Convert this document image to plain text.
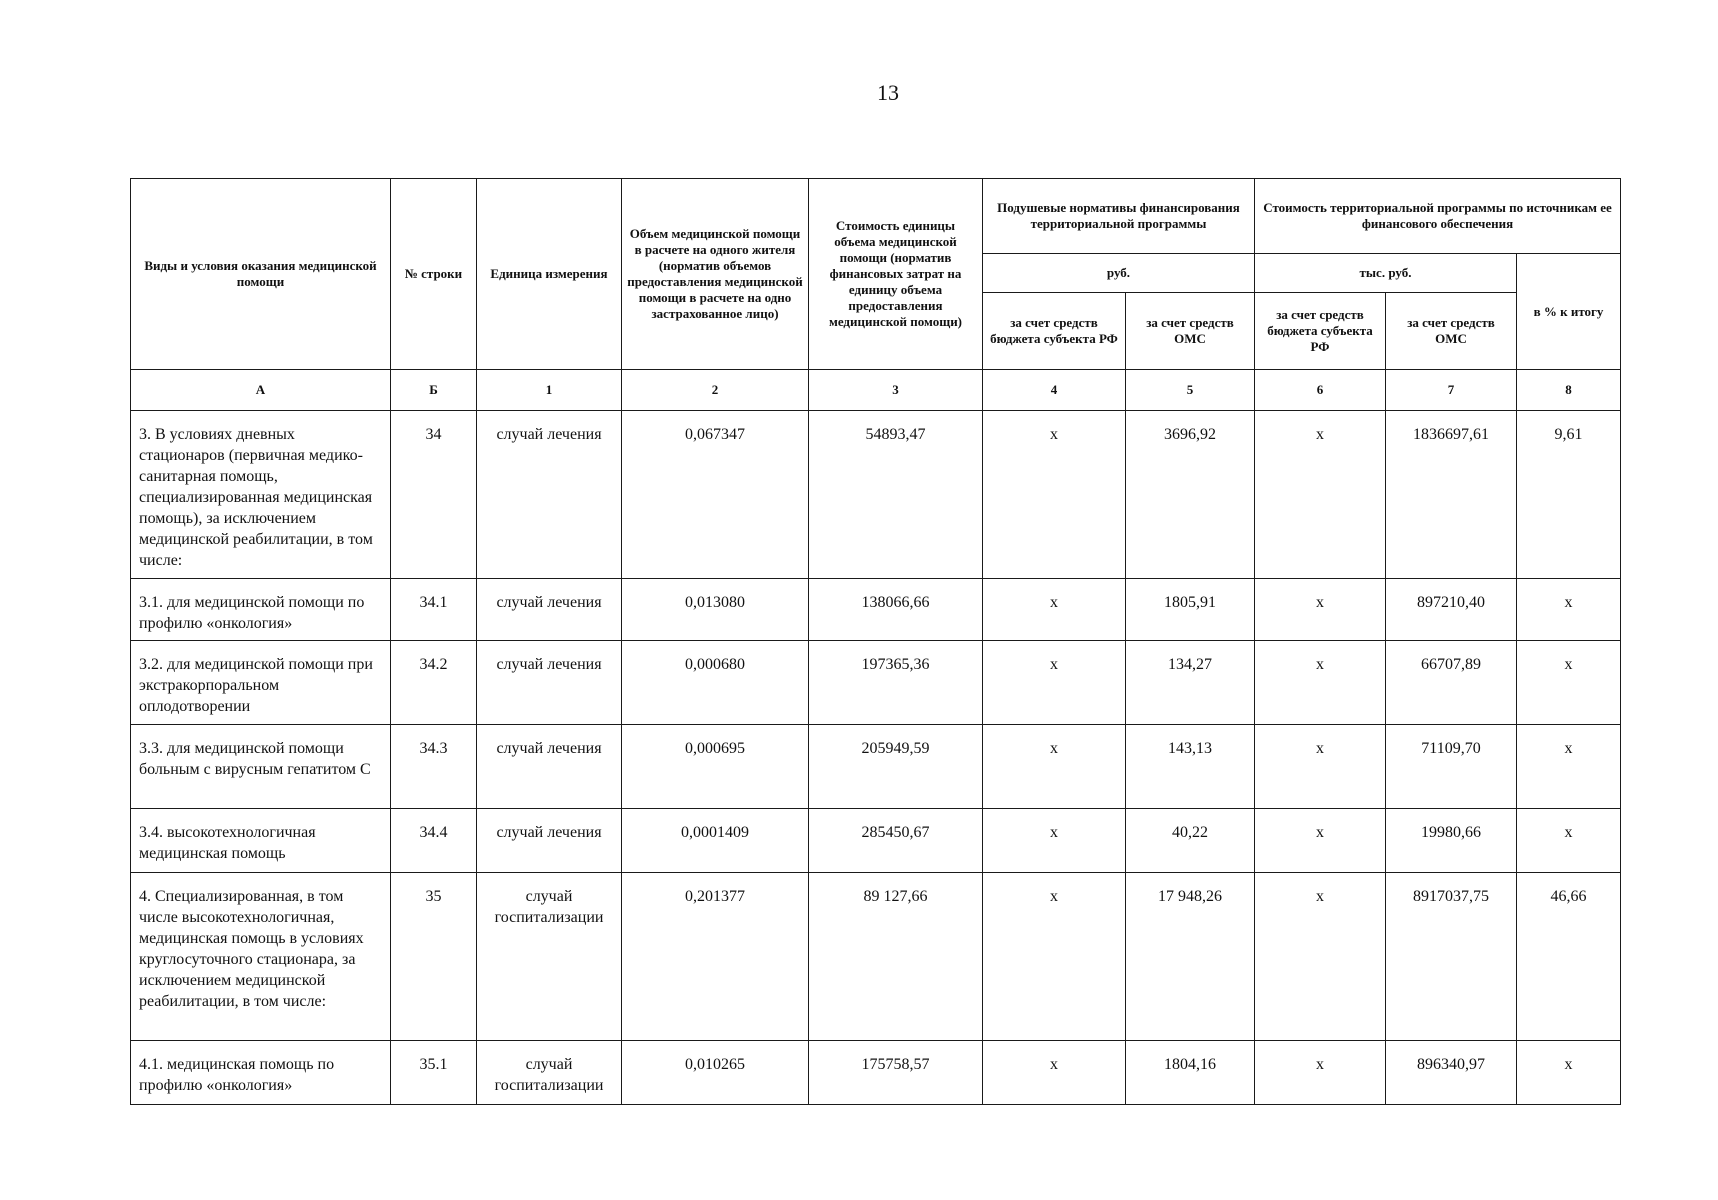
13
Виды и условия оказания медицинской помощи	№ строки	Единица измерения	Объем медицинской помощи в расчете на одного жителя (норматив объемов предоставления медицинской помощи в расчете на одно застрахованное лицо)	Стоимость единицы объема медицинской помощи (норматив финансовых затрат на единицу объема предоставления медицинской помощи)	Подушевые нормативы финансирования территориальной программы		Стоимость территориальной программы по источникам ее финансового обеспечения		
					руб.		тыс. руб.		в % к итогу
					за счет средств бюджета субъекта РФ	за счет средств ОМС	за счет средств бюджета субъекта РФ	за счет средств ОМС	
А	Б	1	2	3	4	5	6	7	8
3. В условиях дневных стационаров (первичная медико-санитарная помощь, специализированная медицинская помощь), за исключением медицинской реабилитации, в том числе:	34	случай лечения	0,067347	54893,47	х	3696,92	х	1836697,61	9,61
3.1. для медицинской помощи по профилю «онкология»	34.1	случай лечения	0,013080	138066,66	х	1805,91	х	897210,40	х
3.2. для медицинской помощи при экстракорпоральном оплодотворении	34.2	случай лечения	0,000680	197365,36	х	134,27	х	66707,89	х
3.3. для медицинской помощи больным с вирусным гепатитом С	34.3	случай лечения	0,000695	205949,59	х	143,13	х	71109,70	х
3.4. высокотехнологичная медицинская помощь	34.4	случай лечения	0,0001409	285450,67	х	40,22	х	19980,66	х
4. Специализированная, в том числе высокотехнологичная, медицинская помощь в условиях круглосуточного стационара, за исключением медицинской реабилитации, в том числе:	35	случай госпитализации	0,201377	89 127,66	х	17 948,26	х	8917037,75	46,66
4.1. медицинская помощь по профилю «онкология»	35.1	случай госпитализации	0,010265	175758,57	х	1804,16	х	896340,97	х
